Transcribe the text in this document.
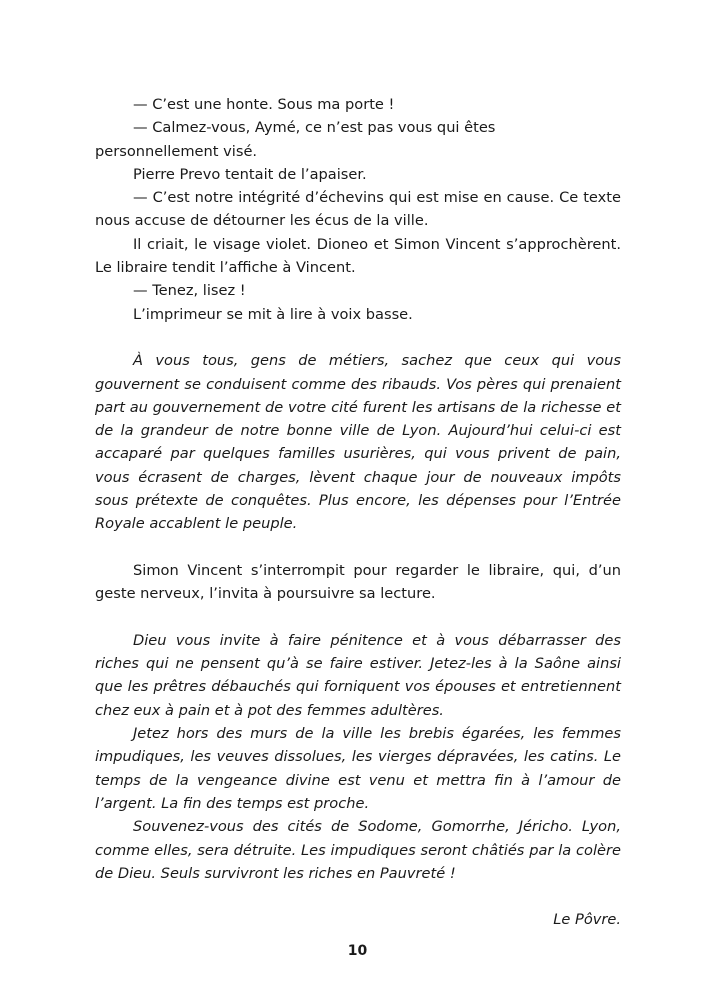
— C’est une honte. Sous ma porte !

— Calmez-vous, Aymé, ce n’est pas vous qui êtes personnellement visé.

Pierre Prevo tentait de l’apaiser.

— C’est notre intégrité d’échevins qui est mise en cause. Ce texte nous accuse de détourner les écus de la ville.

Il criait, le visage violet. Dioneo et Simon Vincent s’approchèrent. Le libraire tendit l’affiche à Vincent.

— Tenez, lisez !

L’imprimeur se mit à lire à voix basse.

À vous tous, gens de métiers, sachez que ceux qui vous gouvernent se conduisent comme des ribauds. Vos pères qui prenaient part au gouvernement de votre cité furent les artisans de la richesse et de la grandeur de notre bonne ville de Lyon. Aujourd’hui celui-ci est accaparé par quelques familles usurières, qui vous privent de pain, vous écrasent de charges, lèvent chaque jour de nouveaux impôts sous prétexte de conquêtes. Plus encore, les dépenses pour l’Entrée Royale accablent le peuple.

Simon Vincent s’interrompit pour regarder le libraire, qui, d’un geste nerveux, l’invita à poursuivre sa lecture.

Dieu vous invite à faire pénitence et à vous débarrasser des riches qui ne pensent qu’à se faire estiver. Jetez-les à la Saône ainsi que les prêtres débauchés qui forniquent vos épouses et entretiennent chez eux à pain et à pot des femmes adultères.

Jetez hors des murs de la ville les brebis égarées, les femmes impudiques, les veuves dissolues, les vierges dépravées, les catins. Le temps de la vengeance divine est venu et mettra fin à l’amour de l’argent. La fin des temps est proche.

Souvenez-vous des cités de Sodome, Gomorrhe, Jéricho. Lyon, comme elles, sera détruite. Les impudiques seront châtiés par la colère de Dieu. Seuls survivront les riches en Pauvreté !

Le Pôvre.

10
